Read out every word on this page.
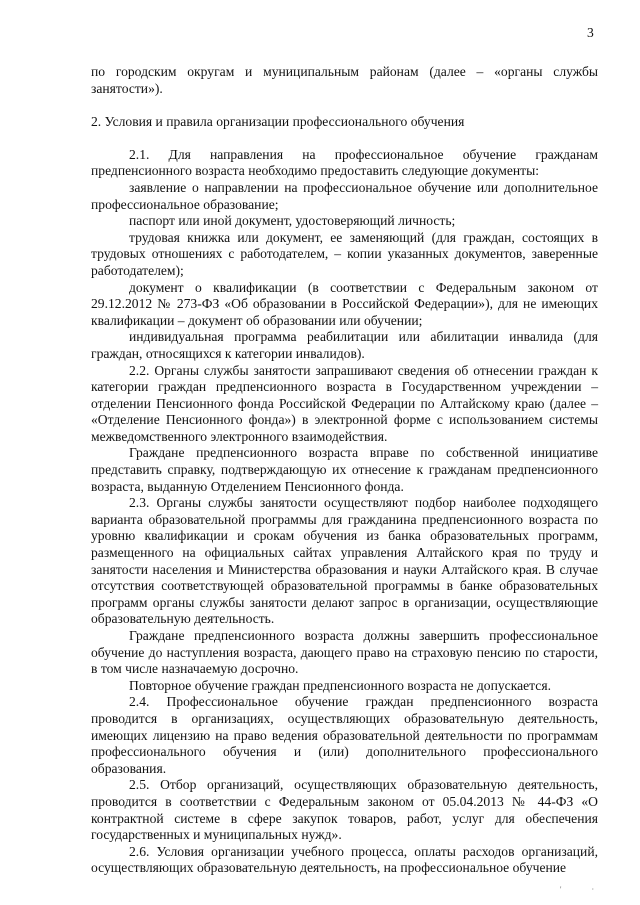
3

по городским округам и муниципальным районам (далее – «органы службы занятости»).

2. Условия и правила организации профессионального обучения

2.1. Для направления на профессиональное обучение гражданам предпенсионного возраста необходимо предоставить следующие документы:

заявление о направлении на профессиональное обучение или дополнительное профессиональное образование;

паспорт или иной документ, удостоверяющий личность;

трудовая книжка или документ, ее заменяющий (для граждан, состоящих в трудовых отношениях с работодателем, – копии указанных документов, заверенные работодателем);

документ о квалификации (в соответствии с Федеральным законом от 29.12.2012 № 273-ФЗ «Об образовании в Российской Федерации»), для не имеющих квалификации – документ об образовании или обучении;

индивидуальная программа реабилитации или абилитации инвалида (для граждан, относящихся к категории инвалидов).

2.2. Органы службы занятости запрашивают сведения об отнесении граждан к категории граждан предпенсионного возраста в Государственном учреждении – отделении Пенсионного фонда Российской Федерации по Алтайскому краю (далее – «Отделение Пенсионного фонда») в электронной форме с использованием системы межведомственного электронного взаимодействия.

Граждане предпенсионного возраста вправе по собственной инициативе представить справку, подтверждающую их отнесение к гражданам предпенсионного возраста, выданную Отделением Пенсионного фонда.

2.3. Органы службы занятости осуществляют подбор наиболее подходящего варианта образовательной программы для гражданина предпенсионного возраста по уровню квалификации и срокам обучения из банка образовательных программ, размещенного на официальных сайтах управления Алтайского края по труду и занятости населения и Министерства образования и науки Алтайского края. В случае отсутствия соответствующей образовательной программы в банке образовательных программ органы службы занятости делают запрос в организации, осуществляющие образовательную деятельность.

Граждане предпенсионного возраста должны завершить профессиональное обучение до наступления возраста, дающего право на страховую пенсию по старости, в том числе назначаемую досрочно.

Повторное обучение граждан предпенсионного возраста не допускается.

2.4. Профессиональное обучение граждан предпенсионного возраста проводится в организациях, осуществляющих образовательную деятельность, имеющих лицензию на право ведения образовательной деятельности по программам профессионального обучения и (или) дополнительного профессионального образования.

2.5. Отбор организаций, осуществляющих образовательную деятельность, проводится в соответствии с Федеральным законом от 05.04.2013 № 44-ФЗ «О контрактной системе в сфере закупок товаров, работ, услуг для обеспечения государственных и муниципальных нужд».

2.6. Условия организации учебного процесса, оплаты расходов организаций, осуществляющих образовательную деятельность, на профессиональное обучение

' ·
